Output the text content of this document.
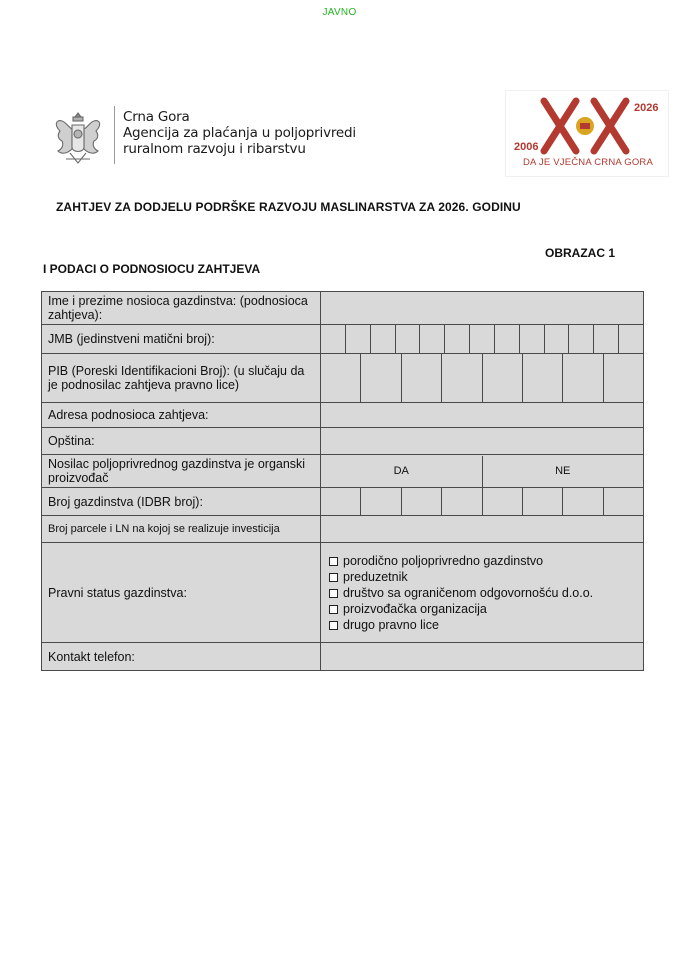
JAVNO
Crna Gora
Agencija za plaćanja u poljoprivredi
ruralnom razvoju i ribarstvu	2006
2026
DA JE VJEČNA CRNA GORA
ZAHTJEV ZA DODJELU PODRŠKE RAZVOJU MASLINARSTVA ZA 2026. GODINU
OBRAZAC 1
I PODACI O PODNOSIOCU ZAHTJEVA
Ime i prezime nosioca gazdinstva: (podnosioca zahtjeva):	
JMB (jedinstveni matični broj):	

PIB (Poreski Identifikacioni Broj): (u slučaju da je podnosilac zahtjeva pravno lice)	

Adresa podnosioca zahtjeva:	
Opština:	
Nosilac poljoprivrednog gazdinstva je organski proizvođač	DA NE

Broj gazdinstva (IDBR broj):	

Broj parcele i LN na kojoj se realizuje investicija	
Pravni status gazdinstva:	porodično poljoprivredno gazdinstvo
preduzetnik
društvo sa ograničenom odgovornošću d.o.o.
proizvođačka organizacija
drugo pravno lice

Kontakt telefon:	
